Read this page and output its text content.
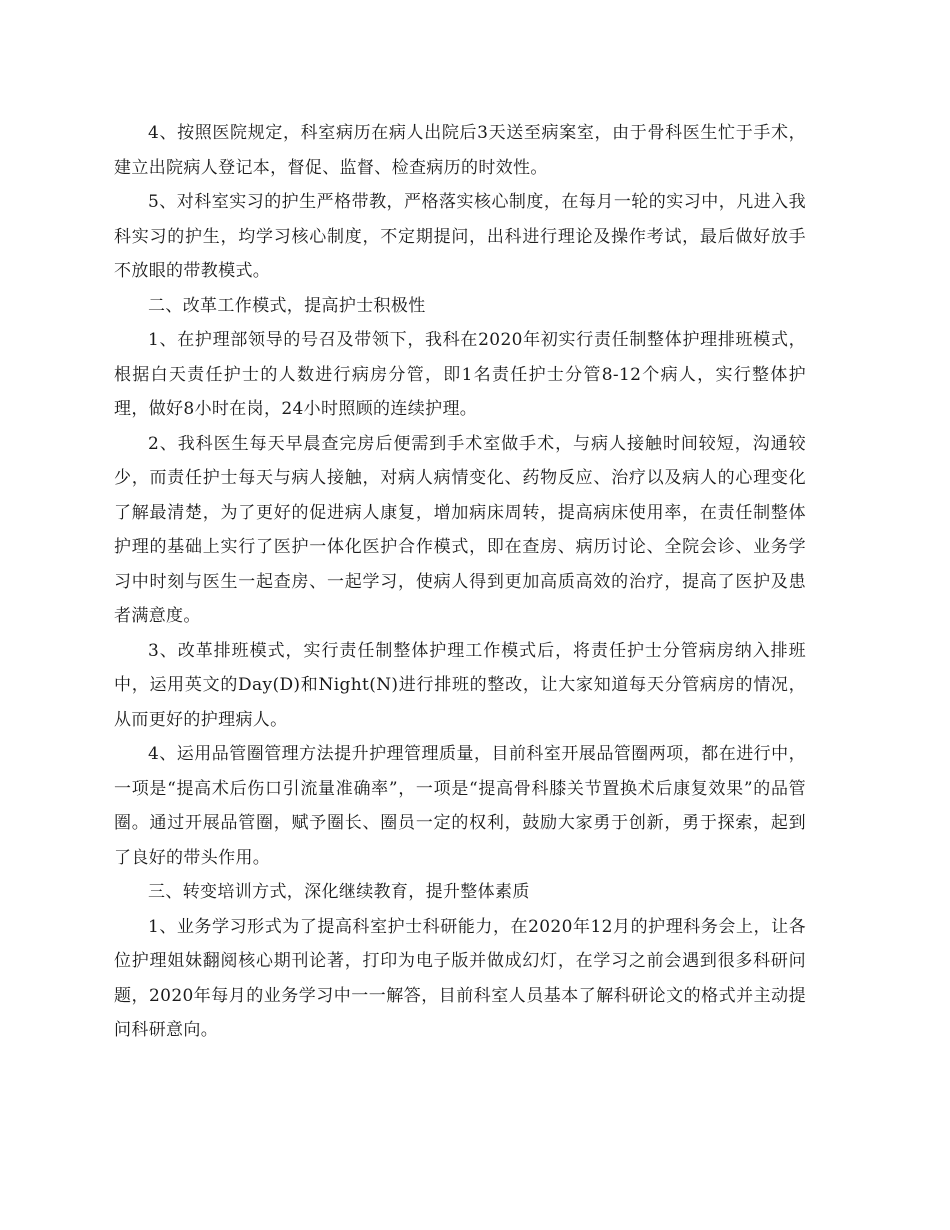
4、按照医院规定，科室病历在病人出院后3天送至病案室，由于骨科医生忙于手术，建立出院病人登记本，督促、监督、检查病历的时效性。

5、对科室实习的护生严格带教，严格落实核心制度，在每月一轮的实习中，凡进入我科实习的护生，均学习核心制度，不定期提问，出科进行理论及操作考试，最后做好放手不放眼的带教模式。

二、改革工作模式，提高护士积极性

1、在护理部领导的号召及带领下，我科在2020年初实行责任制整体护理排班模式，根据白天责任护士的人数进行病房分管，即1名责任护士分管8-12个病人，实行整体护理，做好8小时在岗，24小时照顾的连续护理。

2、我科医生每天早晨查完房后便需到手术室做手术，与病人接触时间较短，沟通较少，而责任护士每天与病人接触，对病人病情变化、药物反应、治疗以及病人的心理变化了解最清楚，为了更好的促进病人康复，增加病床周转，提高病床使用率，在责任制整体护理的基础上实行了医护一体化医护合作模式，即在查房、病历讨论、全院会诊、业务学习中时刻与医生一起查房、一起学习，使病人得到更加高质高效的治疗，提高了医护及患者满意度。

3、改革排班模式，实行责任制整体护理工作模式后，将责任护士分管病房纳入排班中，运用英文的Day(D)和Night(N)进行排班的整改，让大家知道每天分管病房的情况，从而更好的护理病人。

4、运用品管圈管理方法提升护理管理质量，目前科室开展品管圈两项，都在进行中，一项是“提高术后伤口引流量准确率”，一项是“提高骨科膝关节置换术后康复效果”的品管圈。通过开展品管圈，赋予圈长、圈员一定的权利，鼓励大家勇于创新，勇于探索，起到了良好的带头作用。

三、转变培训方式，深化继续教育，提升整体素质

1、业务学习形式为了提高科室护士科研能力，在2020年12月的护理科务会上，让各位护理姐妹翻阅核心期刊论著，打印为电子版并做成幻灯，在学习之前会遇到很多科研问题，2020年每月的业务学习中一一解答，目前科室人员基本了解科研论文的格式并主动提问科研意向。
